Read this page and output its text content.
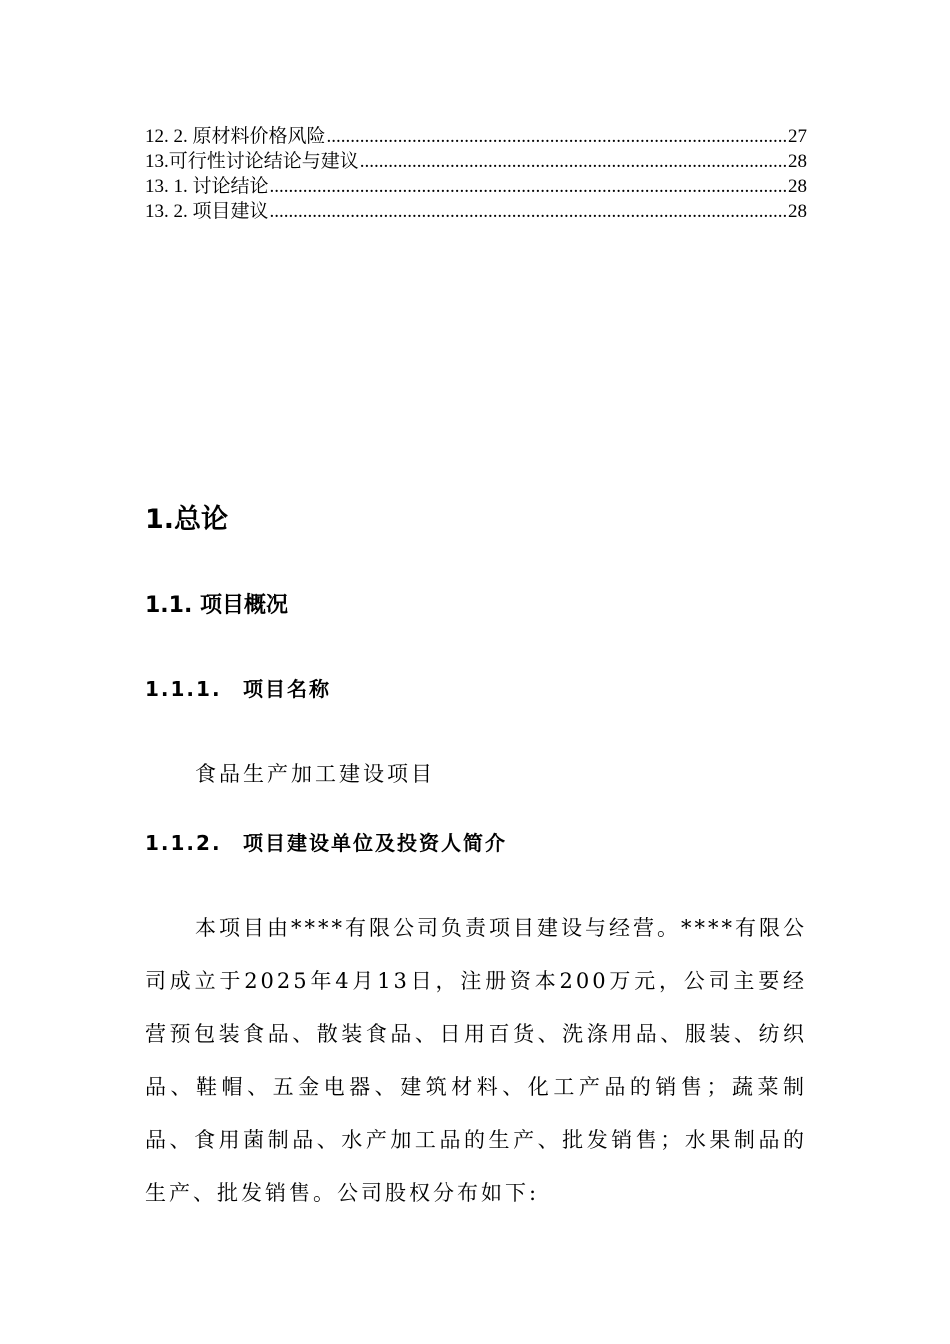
12. 2. 原材料价格风险 .....	27
13.可行性讨论结论与建议 .....	28
13. 1. 讨论结论 .....	28
13. 2. 项目建议 .....	28
1.总论
1.1. 项目概况
1.1.1. 项目名称
食品生产加工建设项目
1.1.2. 项目建设单位及投资人简介
本项目由****有限公司负责项目建设与经营。****有限公司成立于2025年4月13日，注册资本200万元，公司主要经营预包装食品、散装食品、日用百货、洗涤用品、服装、纺织品、鞋帽、五金电器、建筑材料、化工产品的销售；蔬菜制品、食用菌制品、水产加工品的生产、批发销售；水果制品的生产、批发销售。公司股权分布如下:
